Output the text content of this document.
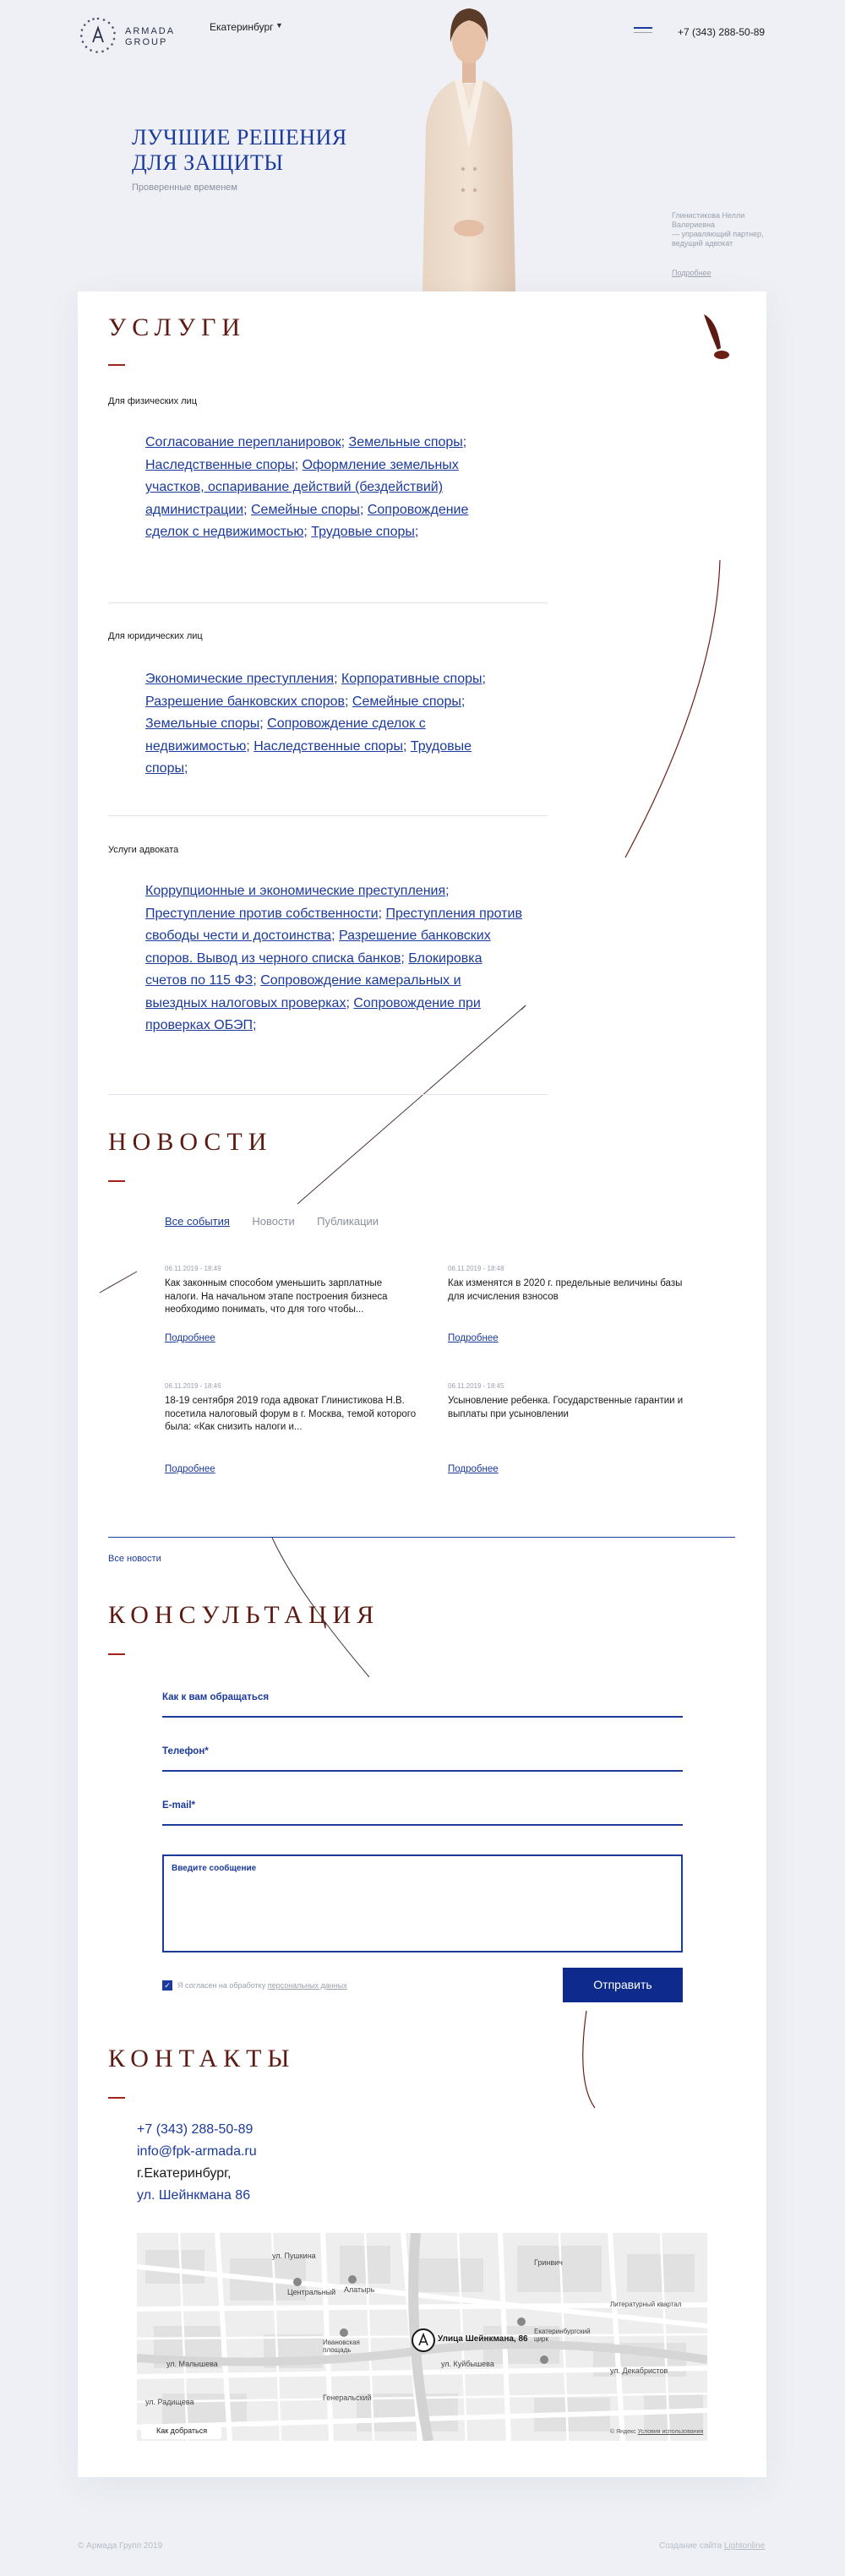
ARMADA
GROUP
Екатеринбург ▼
+7 (343) 288-50-89
ЛУЧШИЕ РЕШЕНИЯ
ДЛЯ ЗАЩИТЫ
Проверенные временем
Глинистикова Нелли
Валериевна
— управляющий партнер,
ведущий адвокат
Подробнее
УСЛУГИ
Для физических лиц
Согласование перепланировок; Земельные споры; Наследственные споры; Оформление земельных участков, оспаривание действий (бездействий) администрации; Семейные споры; Сопровождение сделок с недвижимостью; Трудовые споры;
Для юридических лиц
Экономические преступления; Корпоративные споры; Разрешение банковских споров; Семейные споры; Земельные споры; Сопровождение сделок с недвижимостью; Наследственные споры; Трудовые споры;
Услуги адвоката
Коррупционные и экономические преступления; Преступление против собственности; Преступления против свободы чести и достоинства; Разрешение банковских споров. Вывод из черного списка банков; Блокировка счетов по 115 ФЗ; Сопровождение камеральных и выездных налоговых проверках; Сопровождение при проверках ОБЭП;
НОВОСТИ
Все события Новости Публикации
06.11.2019 - 18:49
Как законным способом уменьшить зарплатные налоги. На начальном этапе построения бизнеса необходимо понимать, что для того чтобы...
Подробнее
06.11.2019 - 18:48
Как изменятся в 2020 г. предельные величины базы для исчисления взносов
Подробнее
06.11.2019 - 18:46
18-19 сентября 2019 года адвокат Глинистикова Н.В. посетила налоговый форум в г. Москва, темой которого была: «Как снизить налоги и...
Подробнее
06.11.2019 - 18:45
Усыновление ребенка. Государственные гарантии и выплаты при усыновлении
Подробнее
Все новости
КОНСУЛЬТАЦИЯ
Как к вам обращаться
Телефон*
E-mail*
Введите сообщение
✓ Я согласен на обработку персональных данных	Отправить
КОНТАКТЫ
+7 (343) 288-50-89
info@fpk-armada.ru
г.Екатеринбург,
ул. Шейнкмана 86
Центральный Алатырь
Ивановская площадь
ул. Пушкина
ул. Малышева
Гринвич
Екатеринбургский цирк
ул. Куйбышева
ул. Декабристов
Генеральский
Литературный квартал
ул. Радищева
Улица Шейнкмана, 86
Как добраться	© Яндекс Условия использования
© Армада Групп 2019	Создание сайта Lightonline
